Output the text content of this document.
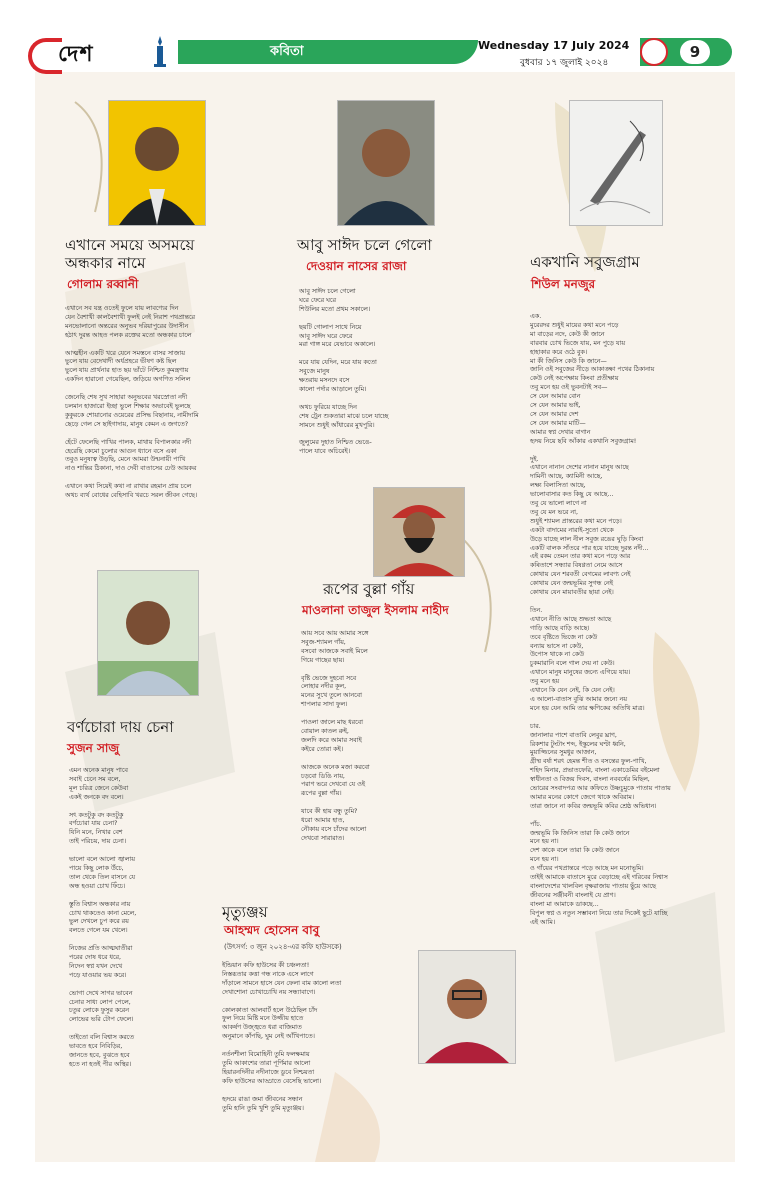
দেশ	কবিতা	Wednesday 17 July 2024
বুধবার ১৭ জুলাই ২০২৪
9
এখানে সময়ে অসময়ে
অন্ধকার নামে
গোলাম রব্বানী
এখানে সব যন্ত্র ওতেই ফুলে যায় লাবণ্যের দিন
যেন বৈশাখী কালবৈশাখী ফুলই নেই নিরাশ পথপ্রান্তরে
মনভোলানো অন্তরের অনুভব দরিয়াপুরের উদাসীন
হঠাৎ দুরন্ত আহত পলক রক্তের মতো অন্ধকার চালে

আত্মহীন একটি খরে যেনে সমস্তনে বাসর সাজায়
ভুলে যায় বেদেখাদী অর্ধপ্রহরে ভীষণ কষ্ট ছিল
ভুলে যায় প্রার্থনার হাত ছয় ভাঁটে নিশ্চিত কুমন্ত্রণায়
একদিন হারানো গেয়েছিল, জড়িয়ে অগণিত সলিল

জেনেছি শেষ সুখ সাহারা অনুভবের খরস্রোতা নদী
চলমান হাজারো ইচ্ছা ভুলে শিক্ষার অভাবেই ভুলছে
কুকুরকে শোয়ানোর ওয়েরের প্রসিদ্ধ বিছানায়, নামীদামি
ছেড়ে গেল সে ছাইগাদায়, মানুষ কেমন এ জগতে?

হেঁটে ফেলেছি পাখির পালক, মাথায় বিপালকার নদী
হেরেছি কেমো চুলোর আগুন ধ্যানে বসে একা
তবুও মনুষ্যত্ব উড়ছি, মেনে আমরা উন্মনায়ী পাখি
নাও শান্তির ঠিকানা, দাও দেবী বাতাসের ঢেউ আয়কর

এখানে কথা সিয়েই কথা না রাখার রহমান প্রায় চলে
অথচ ব্যর্থ বোধের বেহিসাবি খরচে সরল জীবন গেছে।
আবু সাঈদ চলে গেলো
দেওয়ান নাসের রাজা
আবু সাঈদ চলে গেলো
ঘরে ফেরে ঘরে
শিউলির মতো প্রথম সকালে।

ছয়টি গোলাপ সাথে নিয়ে
আবু সাঈদ ঘরে ফেরে
মরা গাঙ্গ মরে যেভাবে অকালে।

মরে যায় যেদিন, মরে যায় কতো
সবুজে মানুষ
ক্ষতরায় মসনদে বসে
কালো পর্দার আড়ালে তুমি।

অথচ ফুরিয়ে যাচ্ছে দিন
শেষ ট্রেন শুকতারা মাঝে চলে যাচ্ছে
সামনে শুধুই আঁধারের মুখপুরি।

জুলুমের দুহাত নিশ্চিত ভেঙে-
পালে যাবে অচিরেই।
একখানি সবুজগ্রাম
শিউল মনজুর
এক.
মুরেরদর শুধুই মায়ের কথা মনে পড়ে
মা বাড়ের নদে, কেউ কী জানে
বারবার চোখ ভিজে যায়, মন পুড়ে যায়
হাহাকার করে ওঠে বুক।
মা কী জিনিস কেউ কি জানে—
জানি ওই সবুজের নীড়ে আকাঙ্ক্ষা পথের ঠিকানায়
কেউ নেই অপেক্ষায় কিংবা প্রতীক্ষায়
তবু মনে হয় ওই ভুবনটাই সব—
সে যেন আমার বোন
সে যেন আমার ভাই,
সে যেন আমার দেশ
সে যেন আমার মাটি—
আমার স্বপ্ন দেখার বাগান
হৃদয় নিয়ে ছবি আঁকার একখানি সবুজগ্রাম!

দুই.
এখানে নানান দেশের নানান মানুষ আছে
দামিনী আছে, ক্যামিনী আছে,
লক্ষ্য বিলাসিতা আছে,
ভালোবাসার কত কিছু যে আছে...
তবু যে ভালো লাগে না
তবু যে মন ভরে না,
শুধুই শ্যামল প্রান্তরের কথা মনে পড়ে।
একটা বাদামের নারাই-সুতো থেকে
উড়ে যাচ্ছে লাল নীল সবুজ রঙের ঘুড়ি কিংবা
একটি বালক সাঁতরে পার হয়ে যাচ্ছে দুরন্ত নদী...
এই রকম তেমন তার কথা মনে পড়ে আর
কৰিতাশে সন্ধ্যার বিষণ্ণতা নেমে আসে
কোথায় যেন শরবতী বেগমের লাবণ্য নেই
কোথায় যেন জন্মভূমির সুগন্ধ নেই
কোথায় যেন মায়াবতীর ছায়া নেই।

তিন.
এখানে নীতি আছে শুদ্ধতা আছে
গাড়ি আছে বাড়ি আছে।
তবে বৃষ্টিতে ভিজে না কেউ
বন্যায় ভাসে না কেউ,
উপোস থাকে না কেউ
চুকমারানি বলে গাল দেয় না কেউ।
এখানে মানুষ মানুষের জন্যে এগিয়ে যায়।
তবু মনে হয়
এখানে কি যেন নেই, কি যেন নেই।
এ আলো-বাতাস বুঝি আমার জন্যে নয়
মনে হয় যেন আমি তার ক্ষণিকের অতিথি মাত্র।

চার.
জানালার পাশে বাতাবি লেবুর ঘ্রাণ,
রিকশার টুংটাং শব্দ, ইস্কুলের ঘণ্টা ধ্বনি,
মুয়াজ্জিনের সুমধুর আজান,
গ্রীষ্ম বর্ষা শরৎ হেমন্ত শীত ও বসন্তের ফুল-পাখি,
শহিদ মিনার, প্রভাতফেরি, বাংলা একাডেমির বইমেলা
স্বাধীনতা ও বিজয় দিবস, বাংলা নববর্ষের মিছিল,
ভোরের সংবাদপত্র আর কফিতে উষ্ণচুমুকে পাতায় পাতায়
আমার মনের কোণে জেগে থাকে অবিরাম।
তারা জানে না কবির জন্মভূমি কবির শ্রেষ্ঠ অভিধান।

পাঁচ.
জন্মভূমি কি জিনিস তারা কি কেউ জানে
মনে হয় না।
দেশ কাকে বলে তারা কি কেউ জানে
মনে হয় না।
ও গাঁয়ের পথপ্রান্তরে পড়ে আছে মন মনোভূমি।
তাইই আমাকে বাতাসে মুরে বেড়াচ্ছে এই গরিবের নিশ্বাস
বাংলাদেশের খালবিল বৃক্ষরাজায় পাতায় ছুঁয়ে আছে
জীবনের সঞ্জীবনী বাংলাই যে প্রাণ।
বাংলা মা আমাকে ডাকছে...
বিপুল স্বপ্ন ও নতুন সম্ভাবনা নিয়ে তার দিকেই ছুটে যাচ্ছি
এই আমি।
রূপের বুল্লা গাঁয়
মাওলানা তাজুল ইসলাম নাহীদ
আয় সবে আয় আমার সঙ্গে
সবুজ-শ্যামল গাঁয়,
বসবো আজকে সবাই মিলে
গিয়ে গাছের ছায়।

বৃষ্টি ভেজে দুহবো সবে
লোহার নদীর কূল,
মনের সুখে তুলে আনবো
শাপলার সাদা ফুল।

পাওলা জালে মাছ ধরবো
বোয়াল কাতল রুই,
জলদি করে আমার সবাই
কইরে তোরা কই।

আজকে অনেক মজা করবো
চড়বো ডিঙি নায়,
পরাণ ভরে দেখবো যে ওই
রূপের বুল্লা গাঁয়।

যাবে কী হায় বন্ধু তুমি?
ধরো আমার হাত,
নৌকায় বসে চাঁদের আলো
দেখবো সারারাত।
বর্ণচোরা দায় চেনা
সুজন সাজু
এমন অনেক মানুষ পাবে
সবাই চেনে সম বলে,
মূল চরিত্র জেনে কেউবা
একই জনকে বদ বলে।

সৎ কতটুকু বদ কতটুকু
বর্ণচোরা যায় চেনা?
যিনি মনে, নিখার বেশ
তাই পরিচয়, দায় চেনা।

ভালো বলে আলো জ্বালায়
পায়ে কিছু লোক উঁচে,
তাল থেকে তিল বাসনে যে
অন্ধ হওয়া চোখ ফিঁচে।

স্তুতি বিশ্বাস অন্ধকার নায়
চোখ থাকতেও কানা মেলে,
ভুল দেখলে চুপ করে রয়
বলতে গেলে যম খেলে।

নিজের প্রতি আত্মঘাতীরা
পরের দোষ ধরে ধরে,
নিদেন স্বপ্ন যখন দেখে
পড়ে যাওয়ার ভয় করে।

ভোগা দেখে সাগর ভাবেন
চেনার সাধ্য লোপ পেলে,
চতুর লোকে ফুসুর করেন
লোভের ভরি টোপ ফেলে।

তাইতো বলি বিশ্বাস করতে
ভাবতে হবে নিবিড়ির,
জানতে হবে, বুঝতে হবে
হতে না হতই পীর অস্থির।
মৃত্যুঞ্জয়
আহম্মদ হোসেন বাবু
(উৎসর্গ: ৩ জুন ২০২৪-এর কফি হাউসকে)
ইন্ডিয়ান কফি হাউসের কী চঞ্চলতা!
নিস্তব্ধতার কত্তা গন্ধ নাকে এসে লাগে
দাঁড়ালে সামনে হাসে যেন ফেলা বাম কালো লতা
দেখাশোনা চোখাচোখি নয় সন্ধ্যাবাগে।

কোলকাতা আলবার্ট হলে উঠেছিল চাঁদ
ফুল নিয়ে মিষ্টি মনে উজ্জীয় হাতে
আকর্ষণ উজ্জ্বতে ধরা বাজিমাত
অনুমানে কাঁপছি, ঘুম নেই আঁখিপাতে।

নর্তনশীলা বিমোহিনী তুমি ফলক্ষমায়
তুমি আকাশের তারা পূর্ণিমার আলো
হিয়ারনদিনীর নদীনাজে ডুবে নিশ্চয়তা
কফি হাউসের আড্ডাতে বেসেছি ভালো।

হৃদয়ে রাঙা জমা জীবনের সন্ধান
তুমি হানি তুমি খুশি তুমি মৃত্যুঞ্জয়।
